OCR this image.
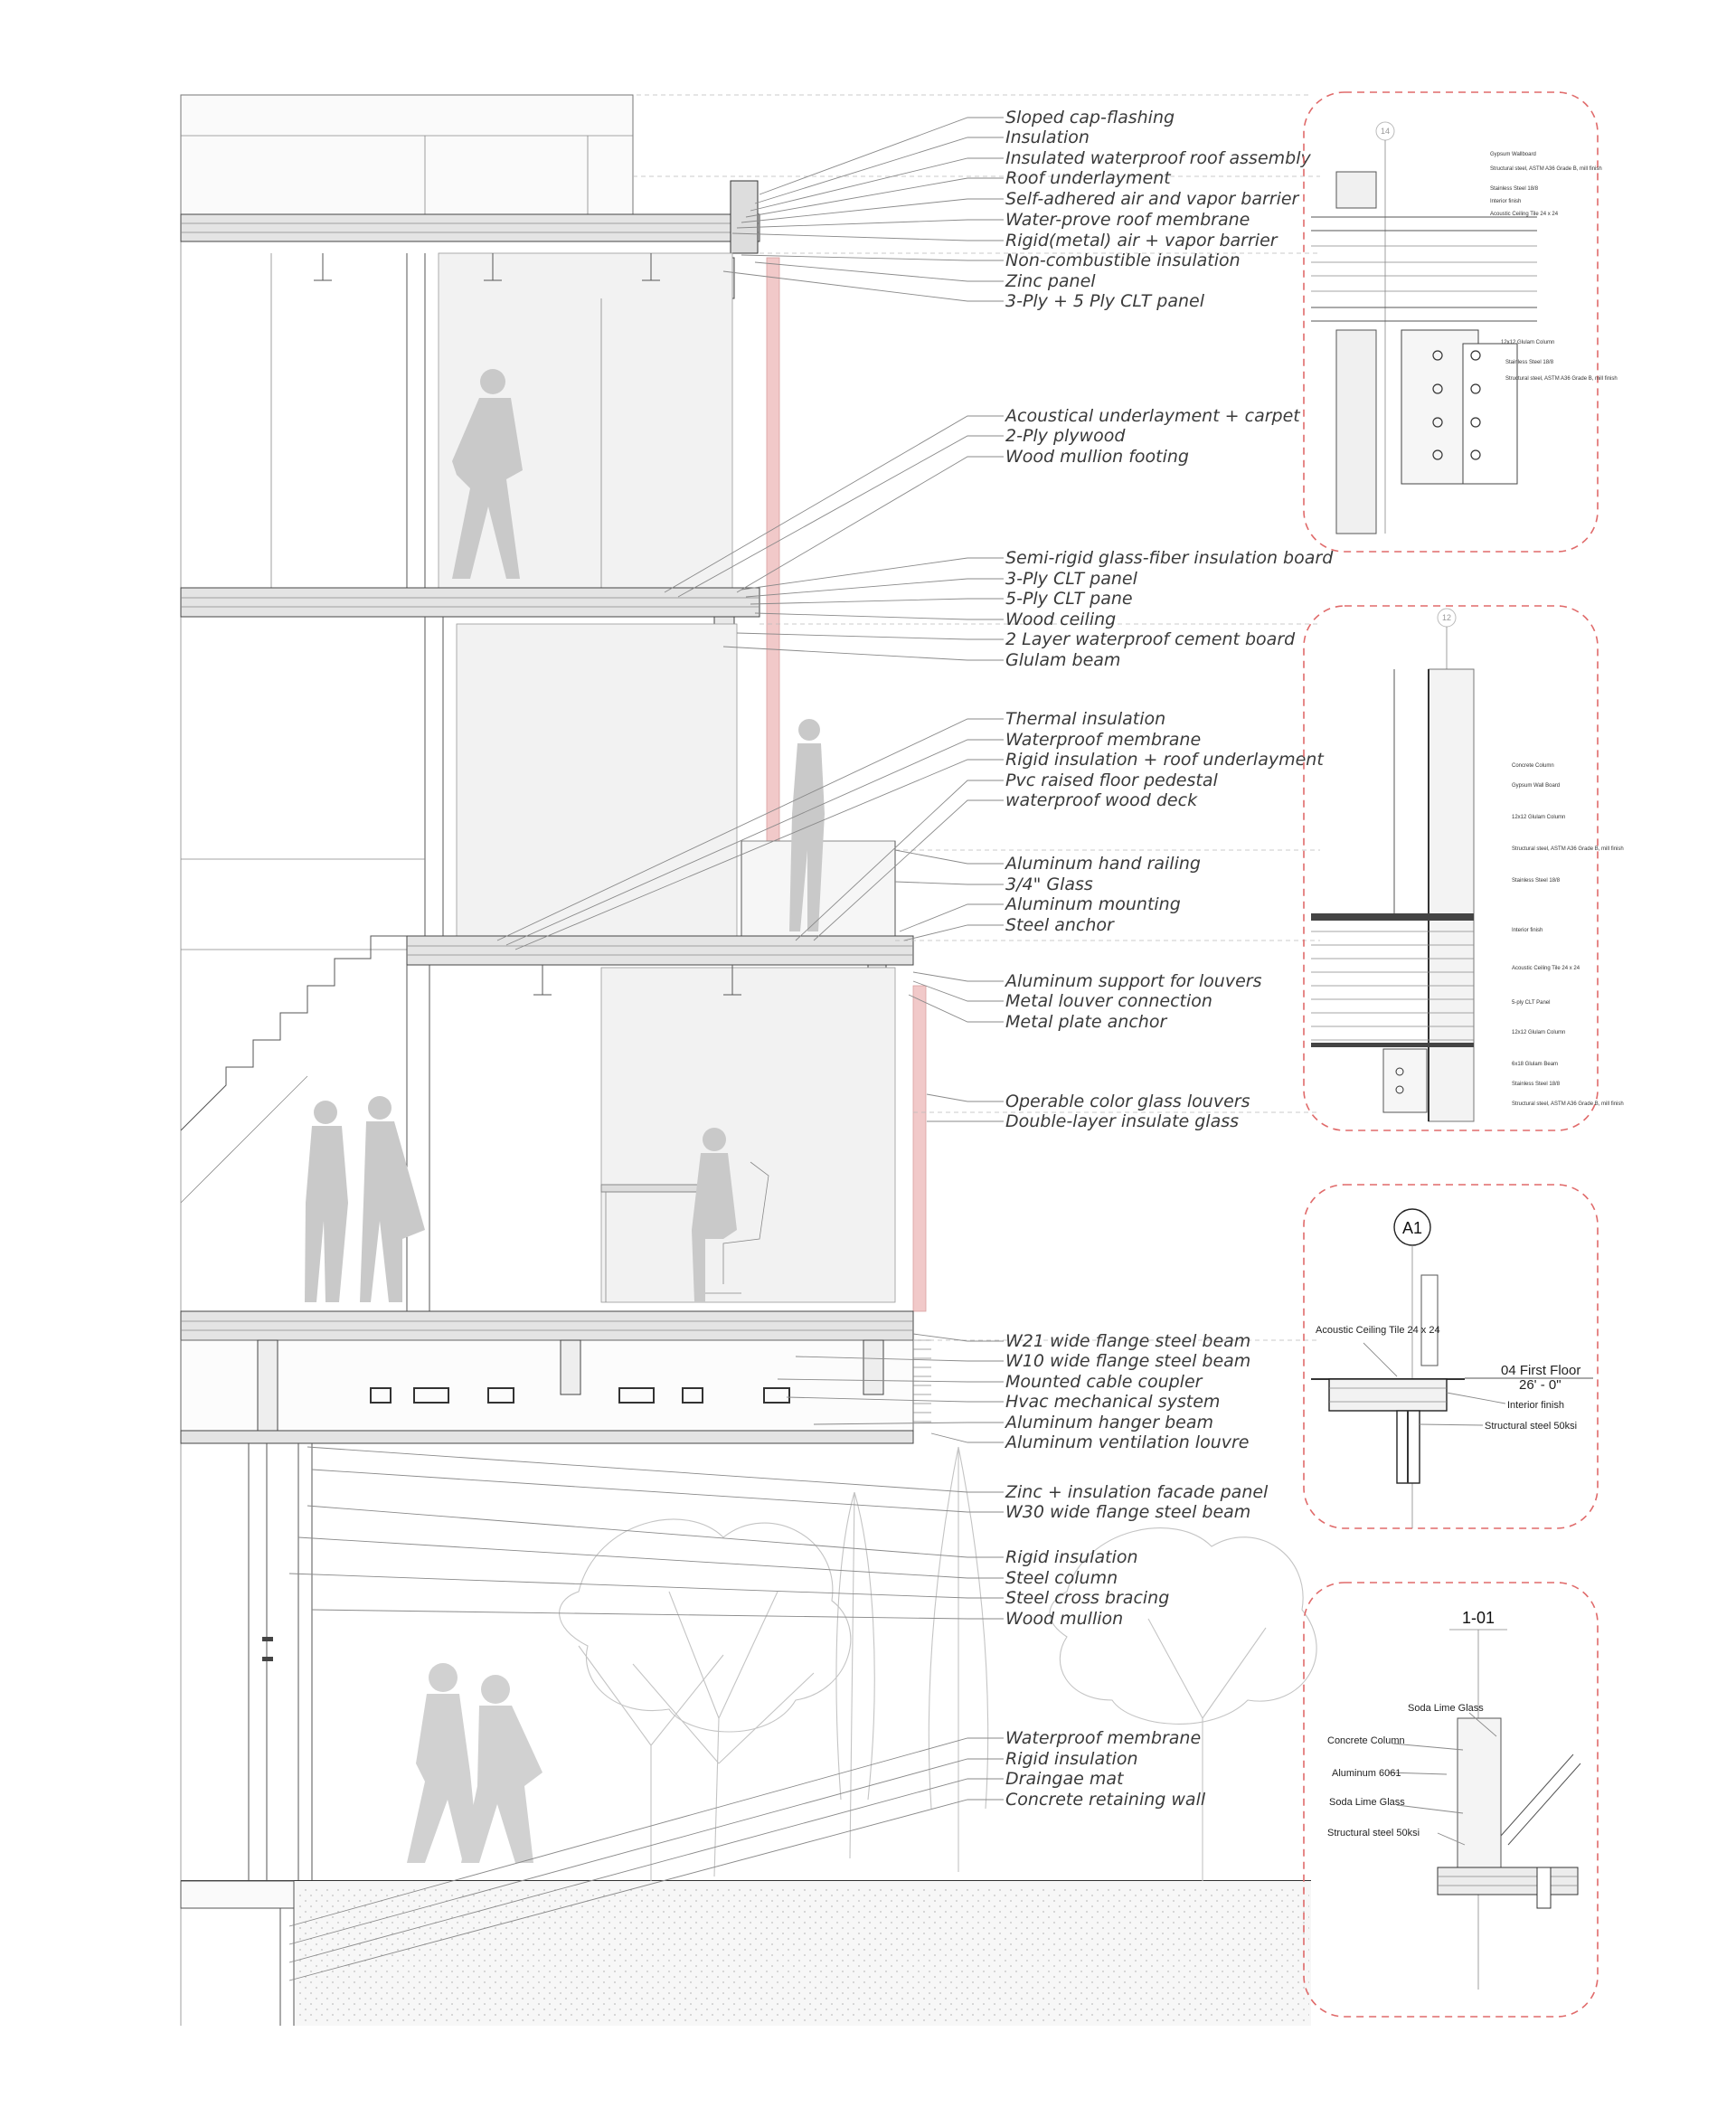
Sloped cap-flashing
Insulation
Insulated waterproof roof assembly
Roof underlayment
Self-adhered air and vapor barrier
Water-prove roof membrane
Rigid(metal) air + vapor barrier
Non-combustible insulation
Zinc panel
3-Ply + 5 Ply CLT panel
Acoustical underlayment + carpet
2-Ply plywood
Wood mullion footing
Semi-rigid glass-fiber insulation board
3-Ply CLT panel
5-Ply CLT pane
Wood ceiling
2 Layer waterproof cement board
Glulam beam
Thermal insulation
Waterproof membrane
Rigid insulation + roof underlayment
Pvc raised floor pedestal
waterproof wood deck
Aluminum hand railing
3/4" Glass
Aluminum mounting
Steel anchor
Aluminum support for louvers
Metal louver connection
Metal plate anchor
Operable color glass louvers
Double-layer insulate glass
W21 wide flange steel beam
W10 wide flange steel beam
Mounted cable coupler
Hvac mechanical system
Aluminum hanger beam
Aluminum ventilation louvre
Zinc + insulation facade panel
W30 wide flange steel beam
Rigid insulation
Steel column
Steel cross bracing
Wood mullion
Waterproof membrane
Rigid insulation
Draingae mat
Concrete retaining wall
14
Gypsum Wallboard
Structural steel, ASTM A36 Grade B, mill finish
Stainless Steel 18/8
Interior finish
Acoustic Ceiling Tile 24 x 24
12x12 Glulam Column
Stainless Steel 18/8
Structural steel, ASTM A36 Grade B, mill finish
12
Concrete Column
Gypsum Wall Board
12x12 Glulam Column
Structural steel, ASTM A36 Grade B, mill finish
Stainless Steel 18/8
Interior finish
Acoustic Ceiling Tile 24 x 24
5-ply CLT Panel
12x12 Glulam Column
6x18 Glulam Beam
Stainless Steel 18/8
Structural steel, ASTM A36 Grade B, mill finish
A1
Acoustic Ceiling Tile 24 x 24
04 First Floor
26' - 0"
Interior finish
Structural steel 50ksi
1-01
Soda Lime Glass
Concrete Column
Aluminum 6061
Soda Lime Glass
Structural steel 50ksi
